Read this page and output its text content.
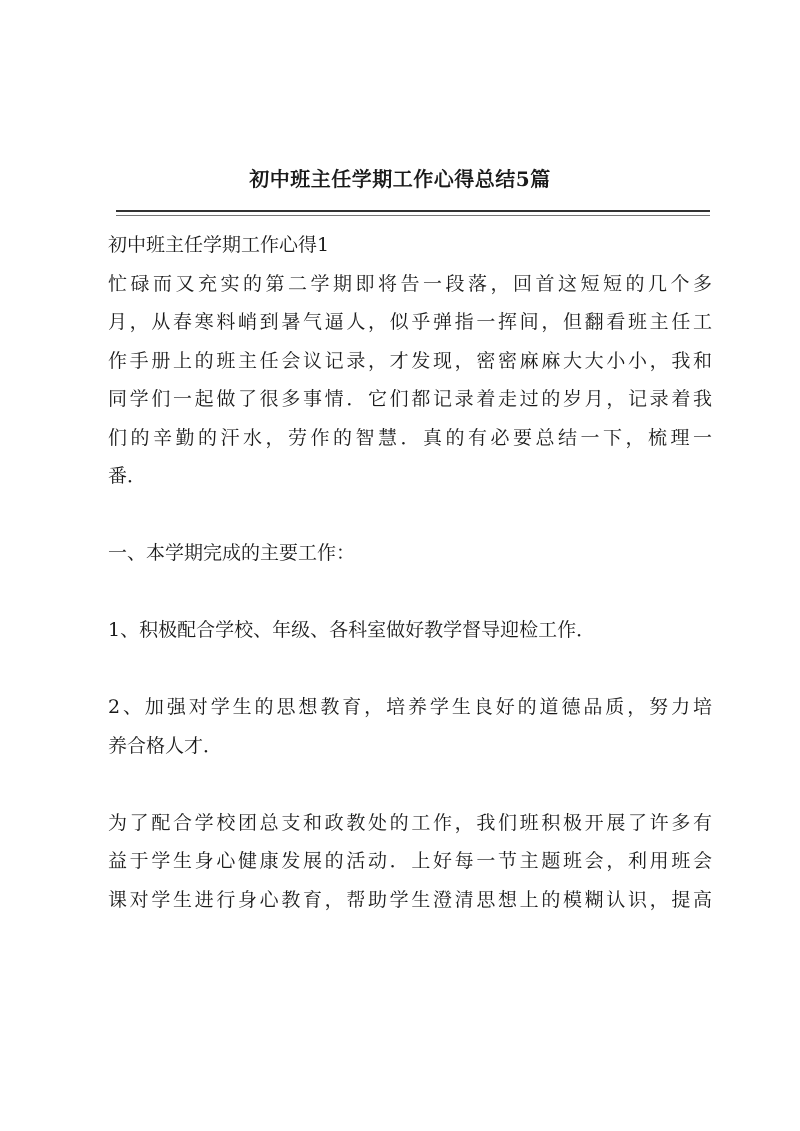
初中班主任学期工作心得总结5篇
初中班主任学期工作心得1
忙碌而又充实的第二学期即将告一段落，回首这短短的几个多
月，从春寒料峭到暑气逼人，似乎弹指一挥间，但翻看班主任工
作手册上的班主任会议记录，才发现，密密麻麻大大小小，我和
同学们一起做了很多事情．它们都记录着走过的岁月，记录着我
们的辛勤的汗水，劳作的智慧．真的有必要总结一下，梳理一
番．
一、本学期完成的主要工作：
1、积极配合学校、年级、各科室做好教学督导迎检工作．
2、加强对学生的思想教育，培养学生良好的道德品质，努力培
养合格人才．
为了配合学校团总支和政教处的工作，我们班积极开展了许多有
益于学生身心健康发展的活动．上好每一节主题班会，利用班会
课对学生进行身心教育，帮助学生澄清思想上的模糊认识，提高
